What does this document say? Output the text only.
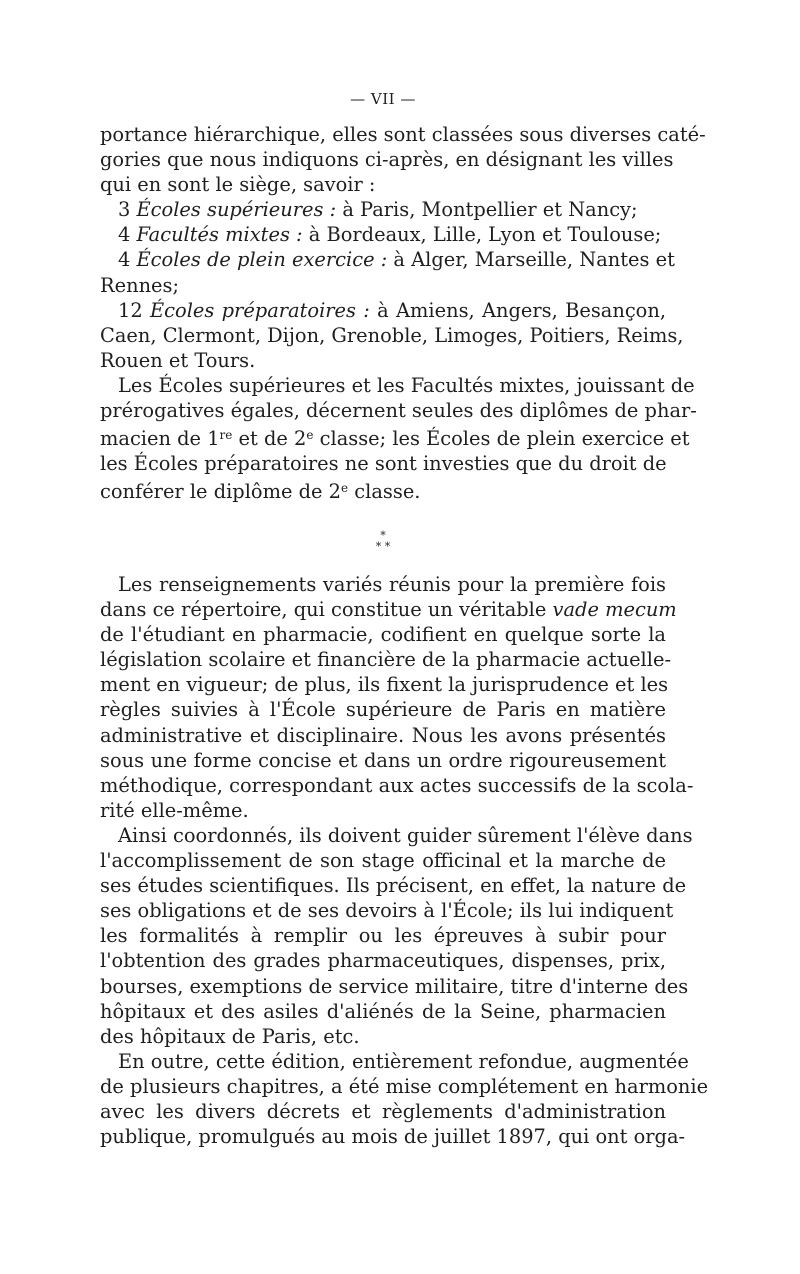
— VII —

portance hiérarchique, elles sont classées sous diverses caté-
gories que nous indiquons ci-après, en désignant les villes
qui en sont le siège, savoir :

3 Écoles supérieures : à Paris, Montpellier et Nancy;

4 Facultés mixtes : à Bordeaux, Lille, Lyon et Toulouse;

4 Écoles de plein exercice : à Alger, Marseille, Nantes et
Rennes;

12 Écoles préparatoires : à Amiens, Angers, Besançon,
Caen, Clermont, Dijon, Grenoble, Limoges, Poitiers, Reims,
Rouen et Tours.

Les Écoles supérieures et les Facultés mixtes, jouissant de
prérogatives égales, décernent seules des diplômes de phar-
macien de 1re et de 2e classe; les Écoles de plein exercice et
les Écoles préparatoires ne sont investies que du droit de
conférer le diplôme de 2e classe.

*
* *

Les renseignements variés réunis pour la première fois
dans ce répertoire, qui constitue un véritable vade mecum
de l'étudiant en pharmacie, codifient en quelque sorte la
législation scolaire et financière de la pharmacie actuelle-
ment en vigueur; de plus, ils fixent la jurisprudence et les
règles suivies à l'École supérieure de Paris en matière
administrative et disciplinaire. Nous les avons présentés
sous une forme concise et dans un ordre rigoureusement
méthodique, correspondant aux actes successifs de la scola-
rité elle-même.

Ainsi coordonnés, ils doivent guider sûrement l'élève dans
l'accomplissement de son stage officinal et la marche de
ses études scientifiques. Ils précisent, en effet, la nature de
ses obligations et de ses devoirs à l'École; ils lui indiquent
les formalités à remplir ou les épreuves à subir pour
l'obtention des grades pharmaceutiques, dispenses, prix,
bourses, exemptions de service militaire, titre d'interne des
hôpitaux et des asiles d'aliénés de la Seine, pharmacien
des hôpitaux de Paris, etc.

En outre, cette édition, entièrement refondue, augmentée
de plusieurs chapitres, a été mise complétement en harmonie
avec les divers décrets et règlements d'administration
publique, promulgués au mois de juillet 1897, qui ont orga-
